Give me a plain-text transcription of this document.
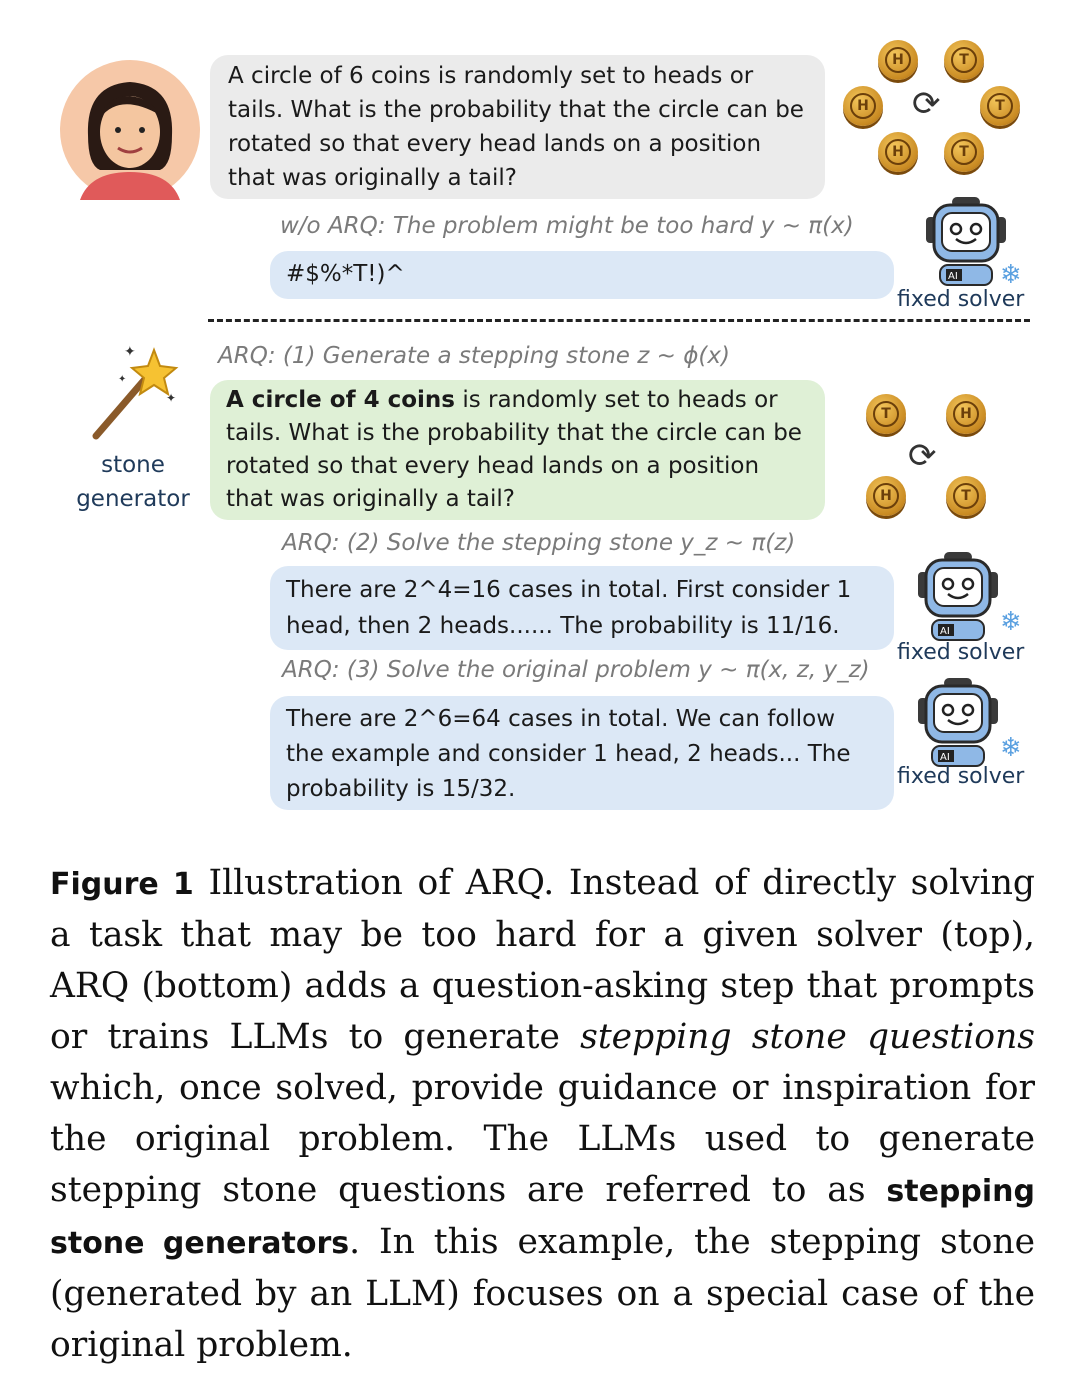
A circle of 6 coins is randomly set to heads or tails. What is the probability that the circle can be rotated so that every head lands on a position that was originally a tail?
H	T
H	T
H	T
⟳
w/o ARQ: The problem might be too hard y ~ π(x)
#$%*T!)^	AI ❄
fixed solver
✦
✦
✦
stone
generator
ARQ: (1) Generate a stepping stone z ~ ϕ(x)
A circle of 4 coins is randomly set to heads or tails. What is the probability that the circle can be rotated so that every head lands on a position that was originally a tail?
T	H
H	T
⟳
ARQ: (2) Solve the stepping stone y_z ~ π(z)
There are 2^4=16 cases in total. First consider 1 head, then 2 heads...... The probability is 11/16.	AI ❄
fixed solver
ARQ: (3) Solve the original problem y ~ π(x, z, y_z)
There are 2^6=64 cases in total. We can follow the example and consider 1 head, 2 heads... The probability is 15/32.
AI ❄
fixed solver
Figure 1 Illustration of ARQ. Instead of directly solving a task that may be too hard for a given solver (top), ARQ (bottom) adds a question-asking step that prompts or trains LLMs to generate stepping stone questions which, once solved, provide guidance or inspiration for the original problem. The LLMs used to generate stepping stone questions are referred to as stepping stone generators. In this example, the stepping stone (generated by an LLM) focuses on a special case of the original problem.
